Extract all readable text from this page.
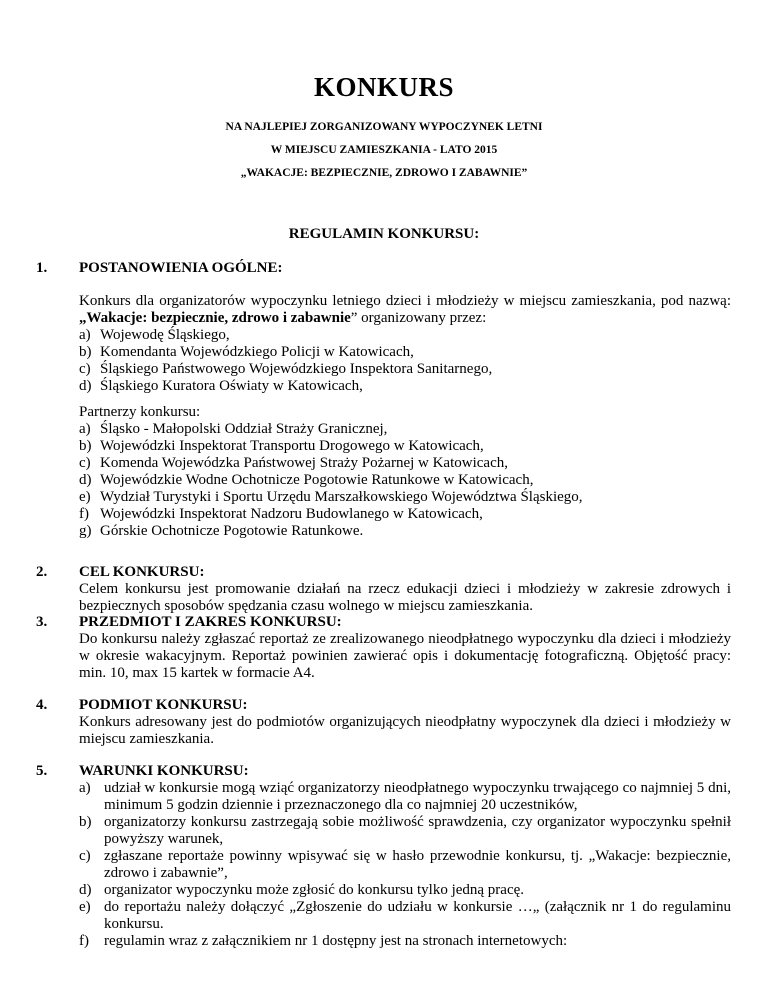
KONKURS
NA NAJLEPIEJ ZORGANIZOWANY WYPOCZYNEK LETNI
W MIEJSCU ZAMIESZKANIA - LATO 2015
„WAKACJE: BEZPIECZNIE, ZDROWO I ZABAWNIE”
REGULAMIN KONKURSU:
1. POSTANOWIENIA OGÓLNE:
Konkurs dla organizatorów wypoczynku letniego dzieci i młodzieży w miejscu zamieszkania, pod nazwą: „Wakacje: bezpiecznie, zdrowo i zabawnie” organizowany przez:
a) Wojewodę Śląskiego,
b) Komendanta Wojewódzkiego Policji w Katowicach,
c) Śląskiego Państwowego Wojewódzkiego Inspektora Sanitarnego,
d) Śląskiego Kuratora Oświaty w Katowicach,
Partnerzy konkursu:
a) Śląsko - Małopolski Oddział Straży Granicznej,
b) Wojewódzki Inspektorat Transportu Drogowego w Katowicach,
c) Komenda Wojewódzka Państwowej Straży Pożarnej w Katowicach,
d) Wojewódzkie Wodne Ochotnicze Pogotowie Ratunkowe w Katowicach,
e) Wydział Turystyki i Sportu Urzędu Marszałkowskiego Województwa Śląskiego,
f) Wojewódzki Inspektorat Nadzoru Budowlanego w Katowicach,
g) Górskie Ochotnicze Pogotowie Ratunkowe.
2. CEL KONKURSU:
Celem konkursu jest promowanie działań na rzecz edukacji dzieci i młodzieży w zakresie zdrowych i bezpiecznych sposobów spędzania czasu wolnego w miejscu zamieszkania.
3. PRZEDMIOT I ZAKRES KONKURSU:
Do konkursu należy zgłaszać reportaż ze zrealizowanego nieodpłatnego wypoczynku dla dzieci i młodzieży w okresie wakacyjnym. Reportaż powinien zawierać opis i dokumentację fotograficzną. Objętość pracy: min. 10, max 15 kartek w formacie A4.
4. PODMIOT KONKURSU:
Konkurs adresowany jest do podmiotów organizujących nieodpłatny wypoczynek dla dzieci i młodzieży w miejscu zamieszkania.
5. WARUNKI KONKURSU:
a) udział w konkursie mogą wziąć organizatorzy nieodpłatnego wypoczynku trwającego co najmniej 5 dni, minimum 5 godzin dziennie i przeznaczonego dla co najmniej 20 uczestników,
b) organizatorzy konkursu zastrzegają sobie możliwość sprawdzenia, czy organizator wypoczynku spełnił powyższy warunek,
c) zgłaszane reportaże powinny wpisywać się w hasło przewodnie konkursu, tj. „Wakacje: bezpiecznie, zdrowo i zabawnie”,
d) organizator wypoczynku może zgłosić do konkursu tylko jedną pracę.
e) do reportażu należy dołączyć „Zgłoszenie do udziału w konkursie …„ (załącznik nr 1 do regulaminu konkursu.
f) regulamin wraz z załącznikiem nr 1 dostępny jest na stronach internetowych:
